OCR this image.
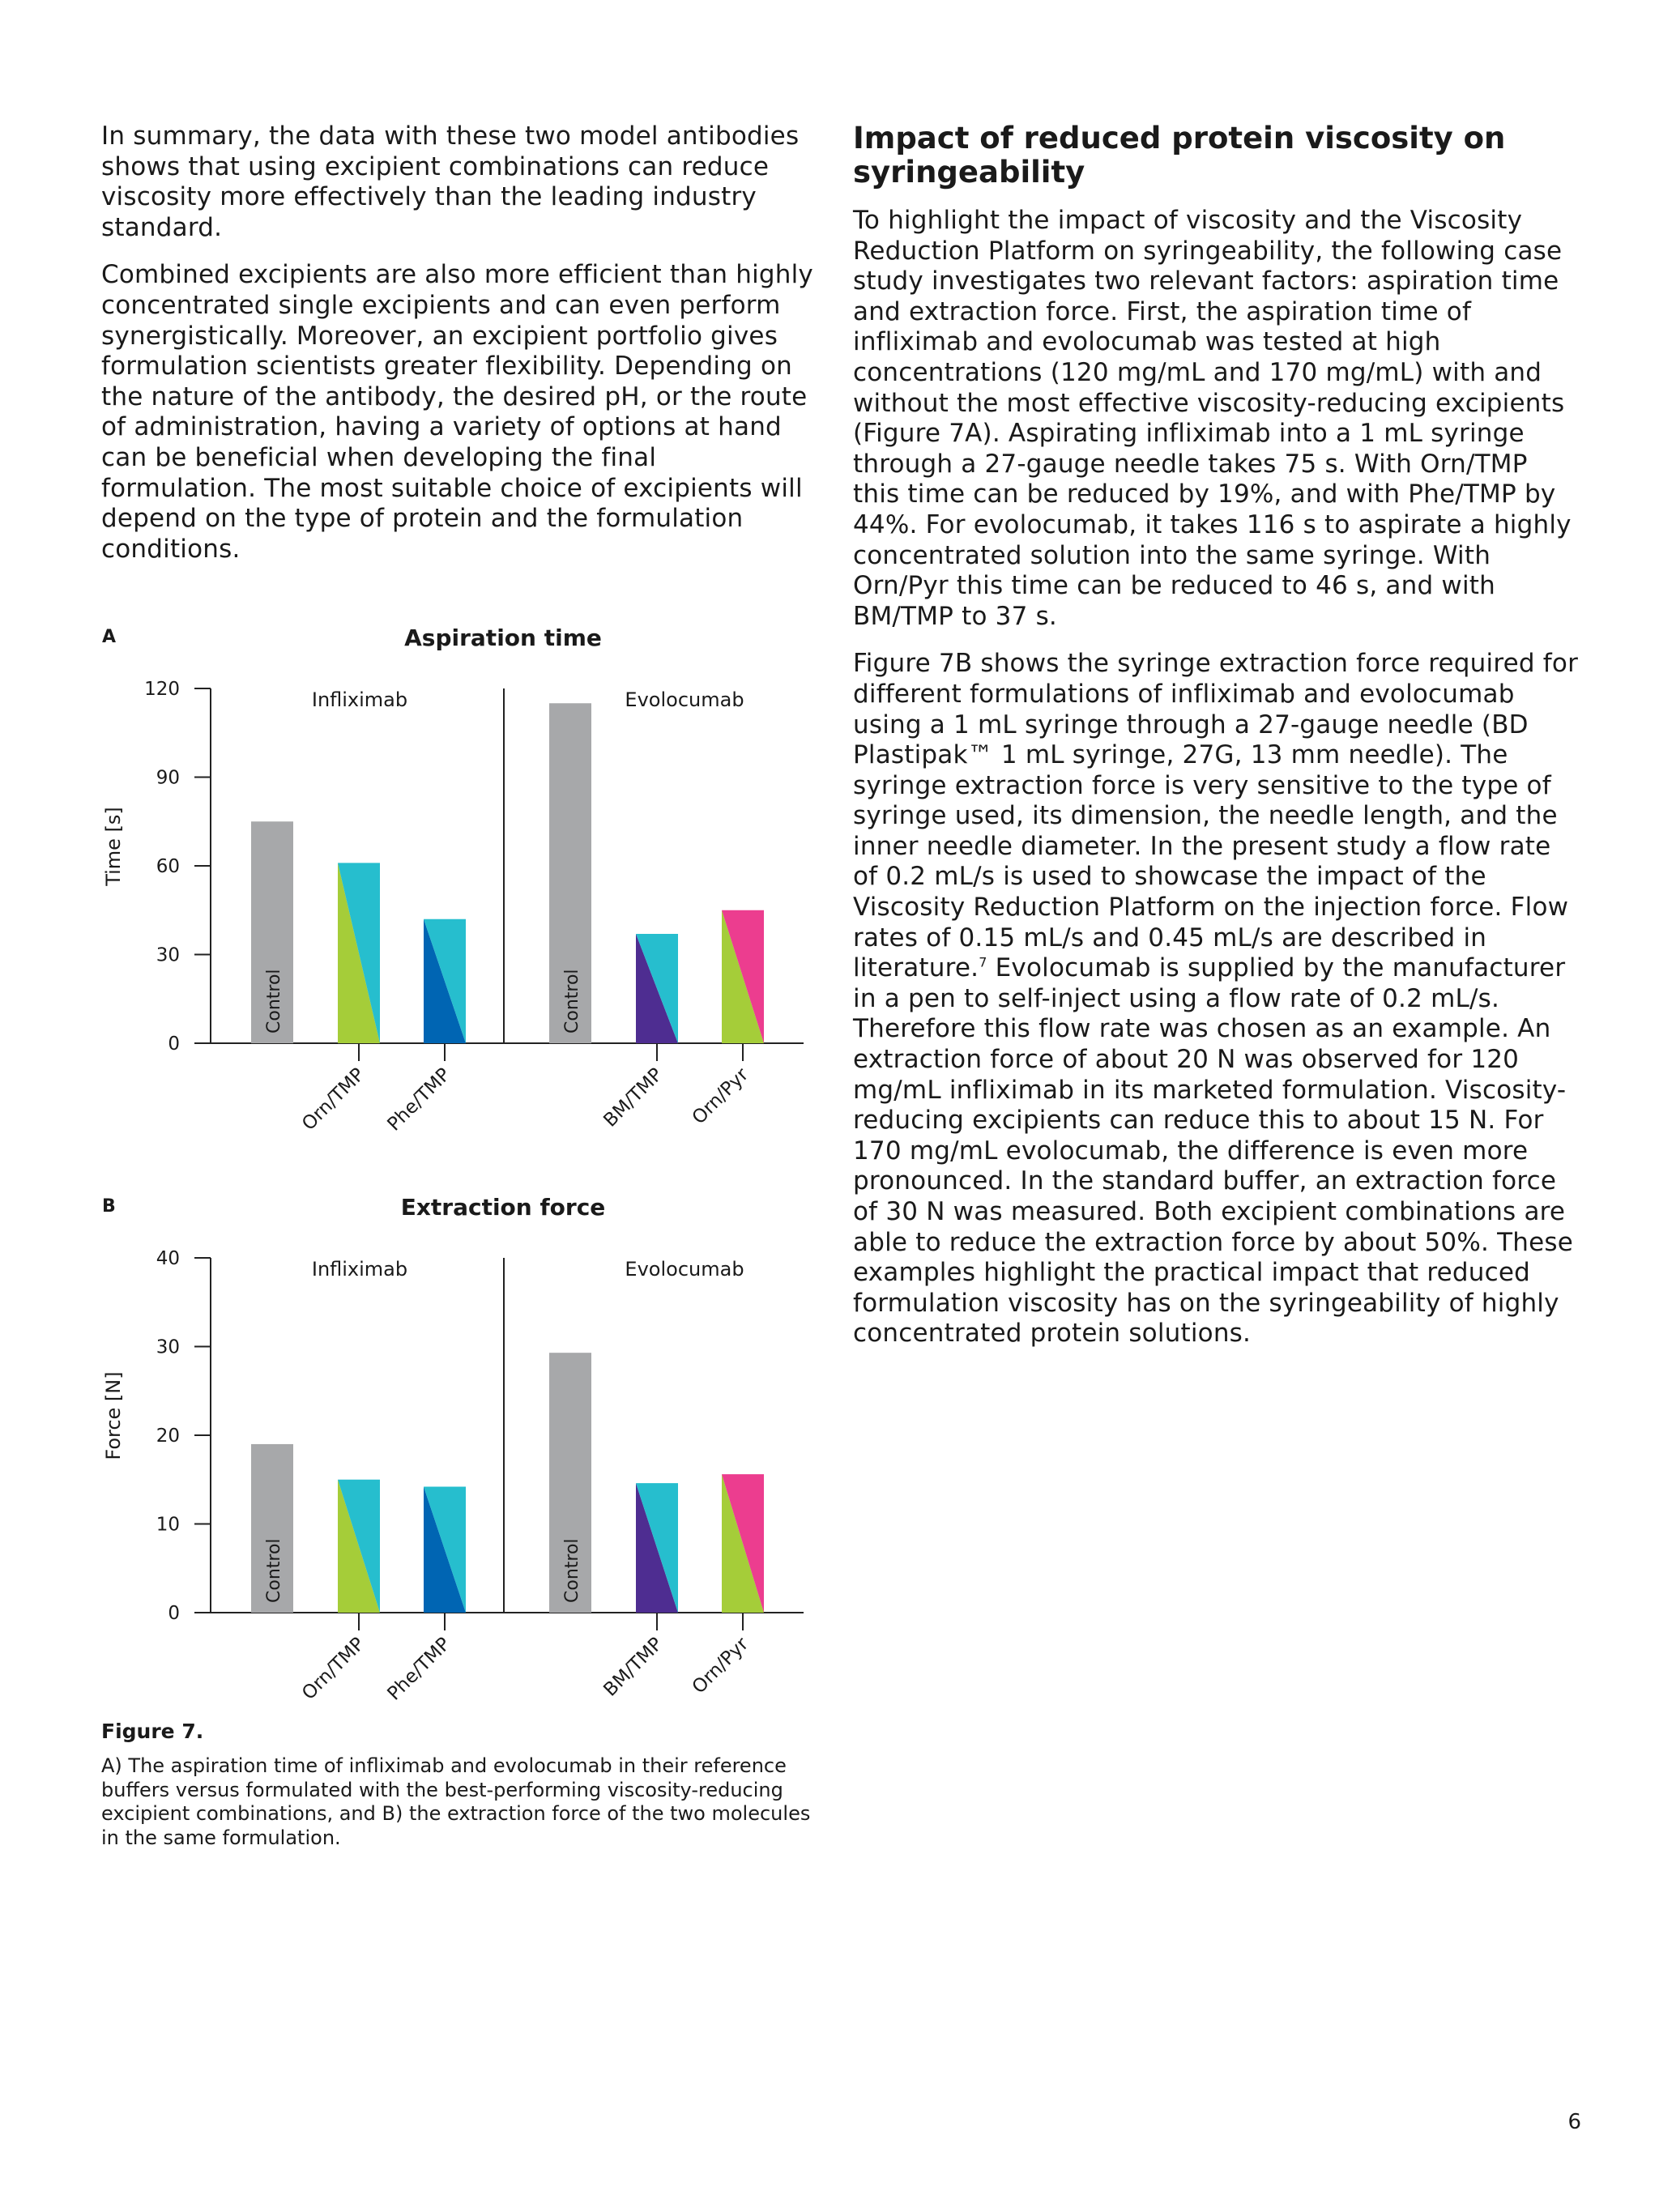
In summary, the data with these two model antibodies shows that using excipient combinations can reduce viscosity more effectively than the leading industry standard.

Combined excipients are also more efficient than highly concentrated single excipients and can even perform synergistically. Moreover, an excipient portfolio gives formulation scientists greater flexibility. Depending on the nature of the antibody, the desired pH, or the route of administration, having a variety of options at hand can be beneficial when developing the final formulation. The most suitable choice of excipients will depend on the type of protein and the formulation conditions.

Impact of reduced protein viscosity on syringeability

To highlight the impact of viscosity and the Viscosity Reduction Platform on syringeability, the following case study investigates two relevant factors: aspiration time and extraction force. First, the aspiration time of infliximab and evolocumab was tested at high concentrations (120 mg/mL and 170 mg/mL) with and without the most effective viscosity-reducing excipients (Figure 7A). Aspirating infliximab into a 1 mL syringe through a 27-gauge needle takes 75 s. With Orn/TMP this time can be reduced by 19%, and with Phe/TMP by 44%. For evolocumab, it takes 116 s to aspirate a highly concentrated solution into the same syringe. With Orn/Pyr this time can be reduced to 46 s, and with BM/TMP to 37 s.

Figure 7B shows the syringe extraction force required for different formulations of infliximab and evolocumab using a 1 mL syringe through a 27-gauge needle (BD Plastipak™ 1 mL syringe, 27G, 13 mm needle). The syringe extraction force is very sensitive to the type of syringe used, its dimension, the needle length, and the inner needle diameter. In the present study a flow rate of 0.2 mL/s is used to showcase the impact of the Viscosity Reduction Platform on the injection force. Flow rates of 0.15 mL/s and 0.45 mL/s are described in literature.$^7$ Evolocumab is supplied by the manufacturer in a pen to self-inject using a flow rate of 0.2 mL/s. Therefore this flow rate was chosen as an example. An extraction force of about 20 N was observed for 120 mg/mL infliximab in its marketed formulation. Viscosity-reducing excipients can reduce this to about 15 N. For 170 mg/mL evolocumab, the difference is even more pronounced. In the standard buffer, an extraction force of 30 N was measured. Both excipient combinations are able to reduce the extraction force by about 50%. These examples highlight the practical impact that reduced formulation viscosity has on the syringeability of highly concentrated protein solutions.

A	Aspiration time
Time [s]
0
30
60
90
120	Infliximab	Evolocumab
Control
Orn/TMP Phe/TMP
Control
BM/TMP Orn/Pyr
B	Extraction force
Force [N]
0
10
20
30
40	Infliximab	Evolocumab
Control
Orn/TMP Phe/TMP
Control
BM/TMP Orn/Pyr

Figure 7.

A) The aspiration time of infliximab and evolocumab in their reference buffers versus formulated with the best-performing viscosity-reducing excipient combinations, and B) the extraction force of the two molecules in the same formulation.

6
